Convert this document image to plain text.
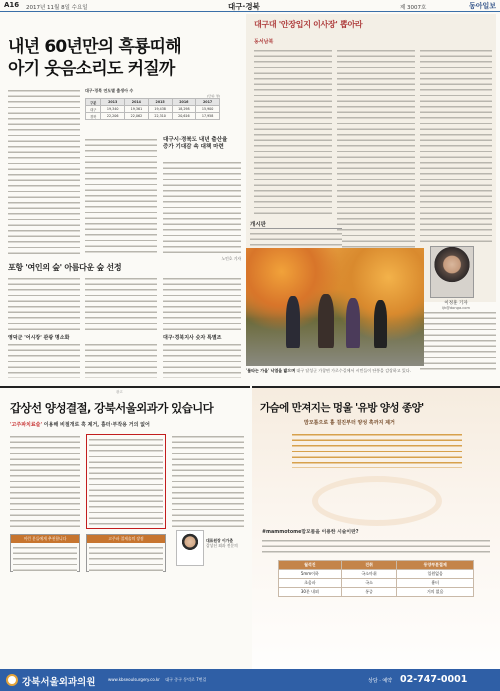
A16 2017년 11월 8일 수요일	대구·경북	제 3007호	동아일보
내년 60년만의 흑룡띠해
아기 웃음소리도 커질까
대구·경북 연도별 출생아 수
(단위: 명)
구분	2013	2014	2015	2016	2017
대구	19,340	19,361	19,438	18,298	15,900
경북	22,206	22,062	22,310	20,616	17,958
대구시·경북도 내년 출산율
증가 기대감 속 대책 마련
노인호 기자
대구대 '안장입지 이사장' 뽑아라
동서남북
이정훈 기자
ljh@donga.com
개시판
포항 '여인의 숲' 아름다운 숲 선정
영덕군 '어시장' 관광 명소화	대구·경북지사 숫자 특별조
'물타는 가을' 낙엽을 밟으며 대구 달성군 가창면 가로수길에서 시민들이 단풍을 감상하고 있다.
광고
갑상선 양성결절, 강북서울외과가 있습니다
'고주파치료술' 이용해 비절개로 혹 제거, 흉터·부작용 거의 없어
이런 분들에게 추천합니다	고주파 절제술의 장점	대표원장 이가춘
갑상선 외과 전문의
가슴에 만져지는 멍울 '유방 양성 종양'
맘모톰으로 흉 걸진부터 양성 혹까지 제거
#mammotome맘모톰을 이용한 시술이란?
월석진	진취	동양부분절제
5mm이하	국소마취	입원없음
초음파	국소	흉터
30분 내외	통증	거의 없음
강북서울외과의원	www.kbseoulsurgery.co.kr 대구 중구 동덕로 7번길	상담 · 예약 02-747-0001
